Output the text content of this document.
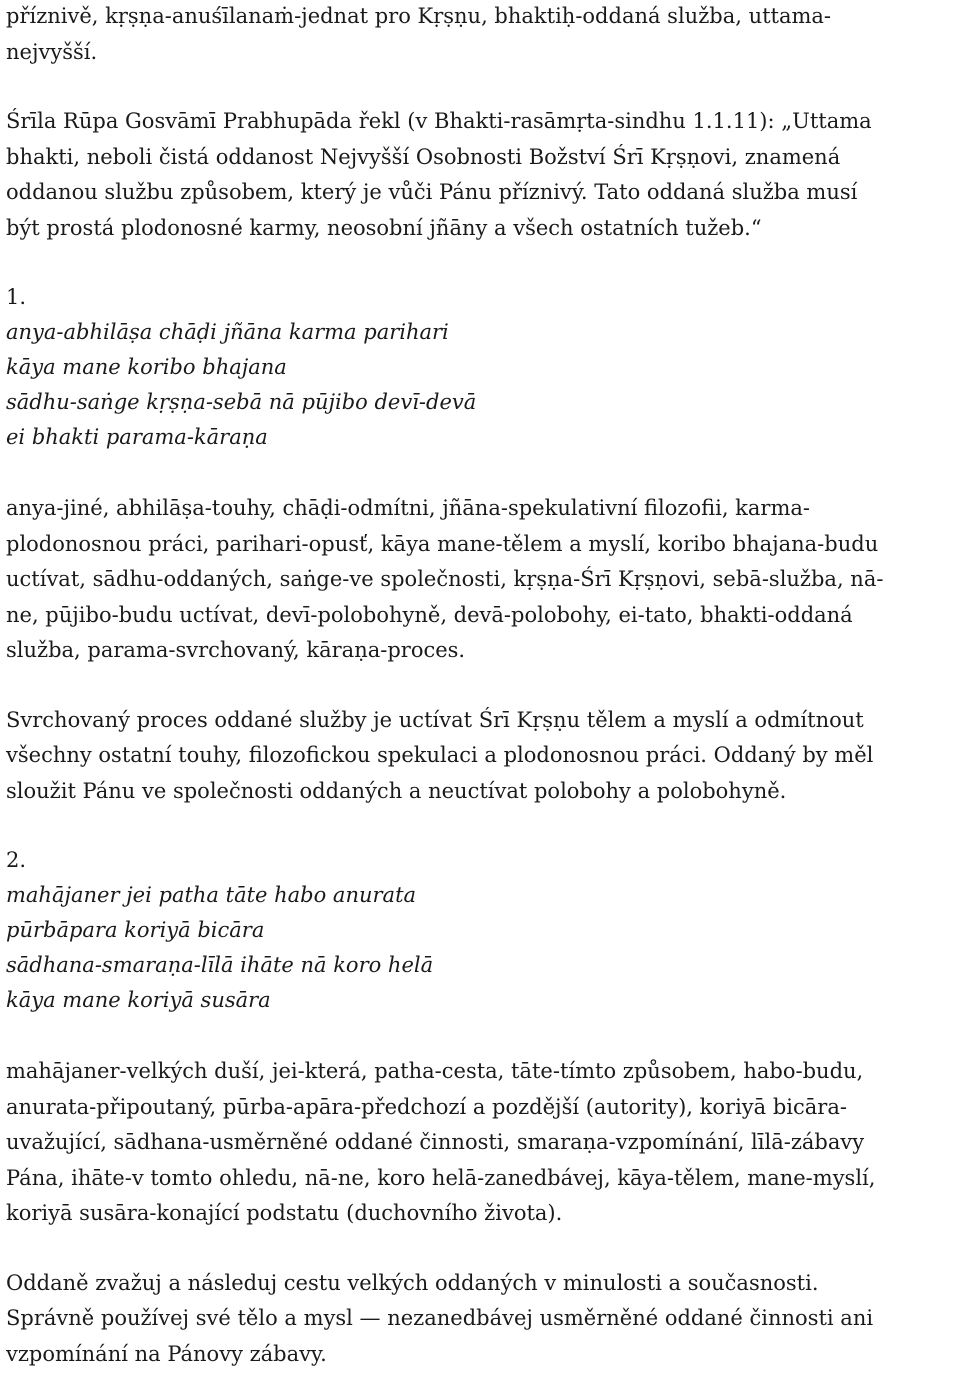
příznivě, kṛṣṇa-anuśīlanaṁ-jednat pro Kṛṣṇu, bhaktiḥ-oddaná služba, uttama-
nejvyšší.

Śrīla Rūpa Gosvāmī Prabhupāda řekl (v Bhakti-rasāmṛta-sindhu 1.1.11): „Uttama
bhakti, neboli čistá oddanost Nejvyšší Osobnosti Božství Śrī Kṛṣṇovi, znamená
oddanou službu způsobem, který je vůči Pánu příznivý. Tato oddaná služba musí
být prostá plodonosné karmy, neosobní jñāny a všech ostatních tužeb.“

1.

anya-abhilāṣa chāḍi jñāna karma parihari
kāya mane koribo bhajana
sādhu-saṅge kṛṣṇa-sebā nā pūjibo devī-devā
ei bhakti parama-kāraṇa

anya-jiné, abhilāṣa-touhy, chāḍi-odmítni, jñāna-spekulativní filozofii, karma-
plodonosnou práci, parihari-opusť, kāya mane-tělem a myslí, koribo bhajana-budu
uctívat, sādhu-oddaných, saṅge-ve společnosti, kṛṣṇa-Śrī Kṛṣṇovi, sebā-služba, nā-
ne, pūjibo-budu uctívat, devī-polobohyně, devā-polobohy, ei-tato, bhakti-oddaná
služba, parama-svrchovaný, kāraṇa-proces.

Svrchovaný proces oddané služby je uctívat Śrī Kṛṣṇu tělem a myslí a odmítnout
všechny ostatní touhy, filozofickou spekulaci a plodonosnou práci. Oddaný by měl
sloužit Pánu ve společnosti oddaných a neuctívat polobohy a polobohyně.

2.

mahājaner jei patha tāte habo anurata
pūrbāpara koriyā bicāra
sādhana-smaraṇa-līlā ihāte nā koro helā
kāya mane koriyā susāra

mahājaner-velkých duší, jei-která, patha-cesta, tāte-tímto způsobem, habo-budu,
anurata-připoutaný, pūrba-apāra-předchozí a pozdější (autority), koriyā bicāra-
uvažující, sādhana-usměrněné oddané činnosti, smaraṇa-vzpomínání, līlā-zábavy
Pána, ihāte-v tomto ohledu, nā-ne, koro helā-zanedbávej, kāya-tělem, mane-myslí,
koriyā susāra-konající podstatu (duchovního života).

Oddaně zvažuj a následuj cestu velkých oddaných v minulosti a současnosti.
Správně používej své tělo a mysl — nezanedbávej usměrněné oddané činnosti ani
vzpomínání na Pánovy zábavy.
